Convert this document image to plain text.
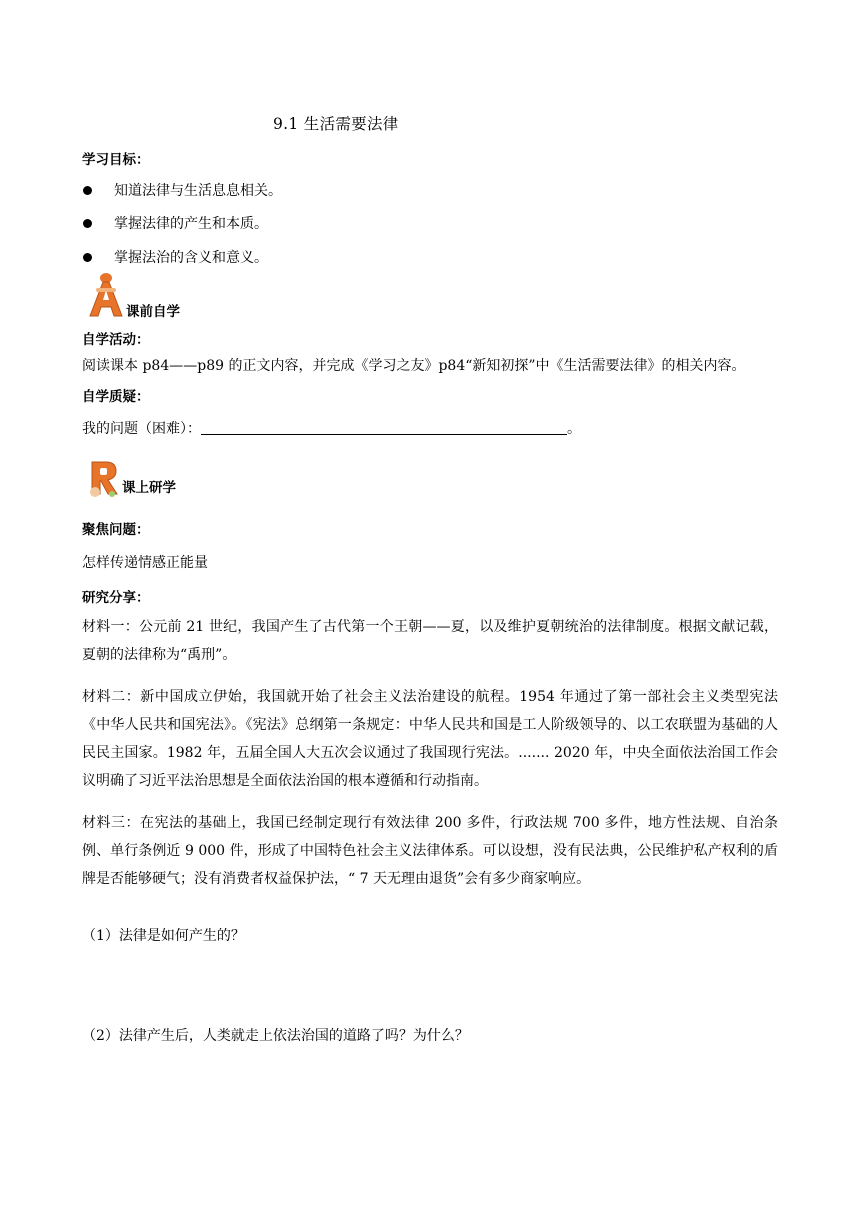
9.1 生活需要法律
学习目标：
知道法律与生活息息相关。
掌握法律的产生和本质。
掌握法治的含义和意义。
课前自学
自学活动：
阅读课本 p84——p89 的正文内容，并完成《学习之友》p84“新知初探”中《生活需要法律》的相关内容。
自学质疑：
我的问题（困难）：	。
课上研学
聚焦问题：
怎样传递情感正能量
研究分享：
材料一：公元前 21 世纪，我国产生了古代第一个王朝——夏，以及维护夏朝统治的法律制度。根据文献记载，夏朝的法律称为“禹刑”。
材料二：新中国成立伊始，我国就开始了社会主义法治建设的航程。1954 年通过了第一部社会主义类型宪法《中华人民共和国宪法》。《宪法》总纲第一条规定：中华人民共和国是工人阶级领导的、以工农联盟为基础的人民民主国家。1982 年，五届全国人大五次会议通过了我国现行宪法。....... 2020 年，中央全面依法治国工作会议明确了习近平法治思想是全面依法治国的根本遵循和行动指南。
材料三：在宪法的基础上，我国已经制定现行有效法律 200 多件，行政法规 700 多件，地方性法规、自治条例、单行条例近 9 000 件，形成了中国特色社会主义法律体系。可以设想，没有民法典，公民维护私产权利的盾牌是否能够硬气；没有消费者权益保护法，“ 7 天无理由退货”会有多少商家响应。
（1）法律是如何产生的？
（2）法律产生后，人类就走上依法治国的道路了吗？为什么？
